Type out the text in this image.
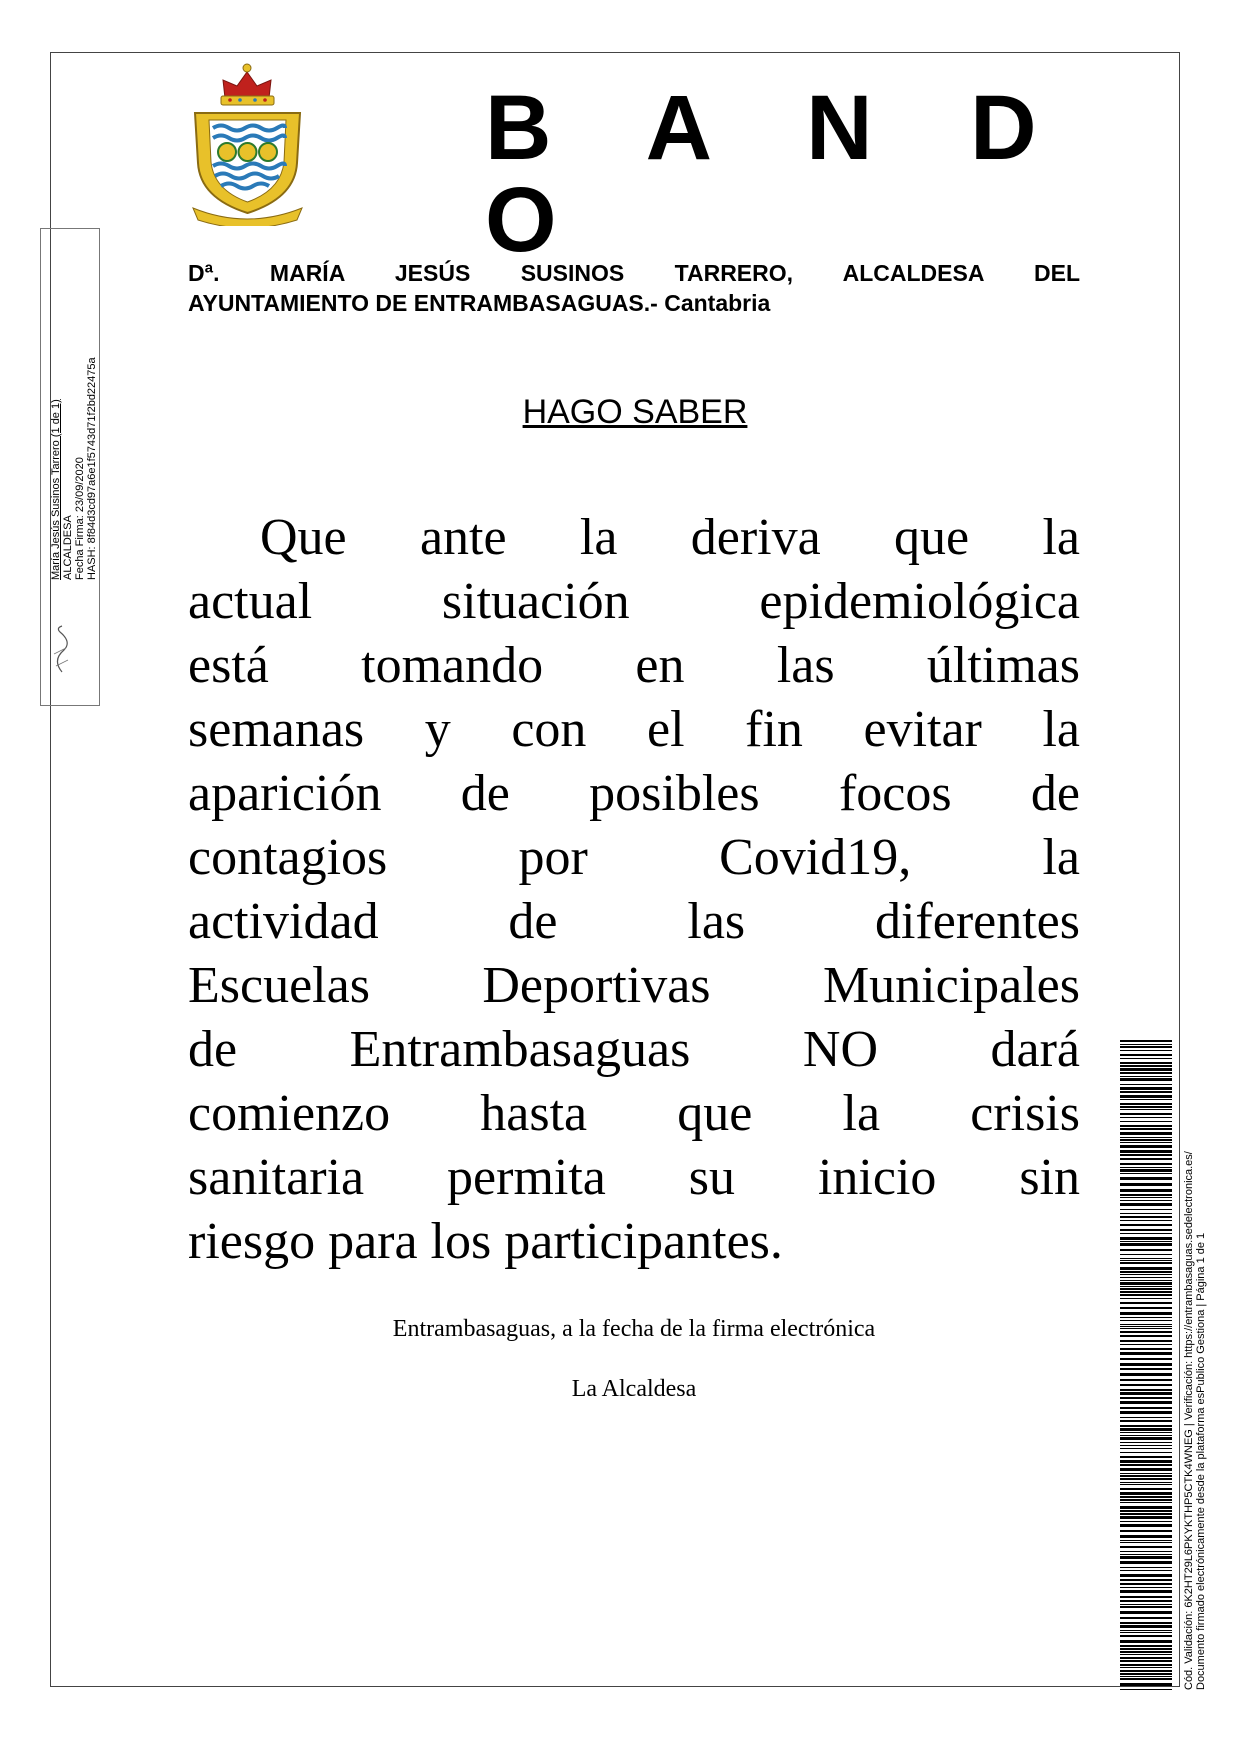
B A N D O

Dª. MARÍA JESÚS SUSINOS TARRERO, ALCALDESA DEL

AYUNTAMIENTO DE ENTRAMBASAGUAS.- Cantabria

HAGO SABER

Que ante la deriva que la

actual situación epidemiológica

está tomando en las últimas

semanas y con el fin evitar la

aparición de posibles focos de

contagios por Covid19, la

actividad de las diferentes

Escuelas Deportivas Municipales

de Entrambasaguas NO dará

comienzo hasta que la crisis

sanitaria permita su inicio sin

riesgo para los participantes.

Entrambasaguas, a la fecha de la firma electrónica

La Alcaldesa

María Jesús Susinos Tarrero (1 de 1) ALCALDESA Fecha Firma: 23/09/2020 HASH: 8f84d3cd97a6e1f5743d71f2bd22475a
Cód. Validación: 6K2HT29L6PKYKTHP5CTK4WNEG | Verificación: https://entrambasaguas.sedelectronica.es/ Documento firmado electrónicamente desde la plataforma esPublico Gestiona | Página 1 de 1
